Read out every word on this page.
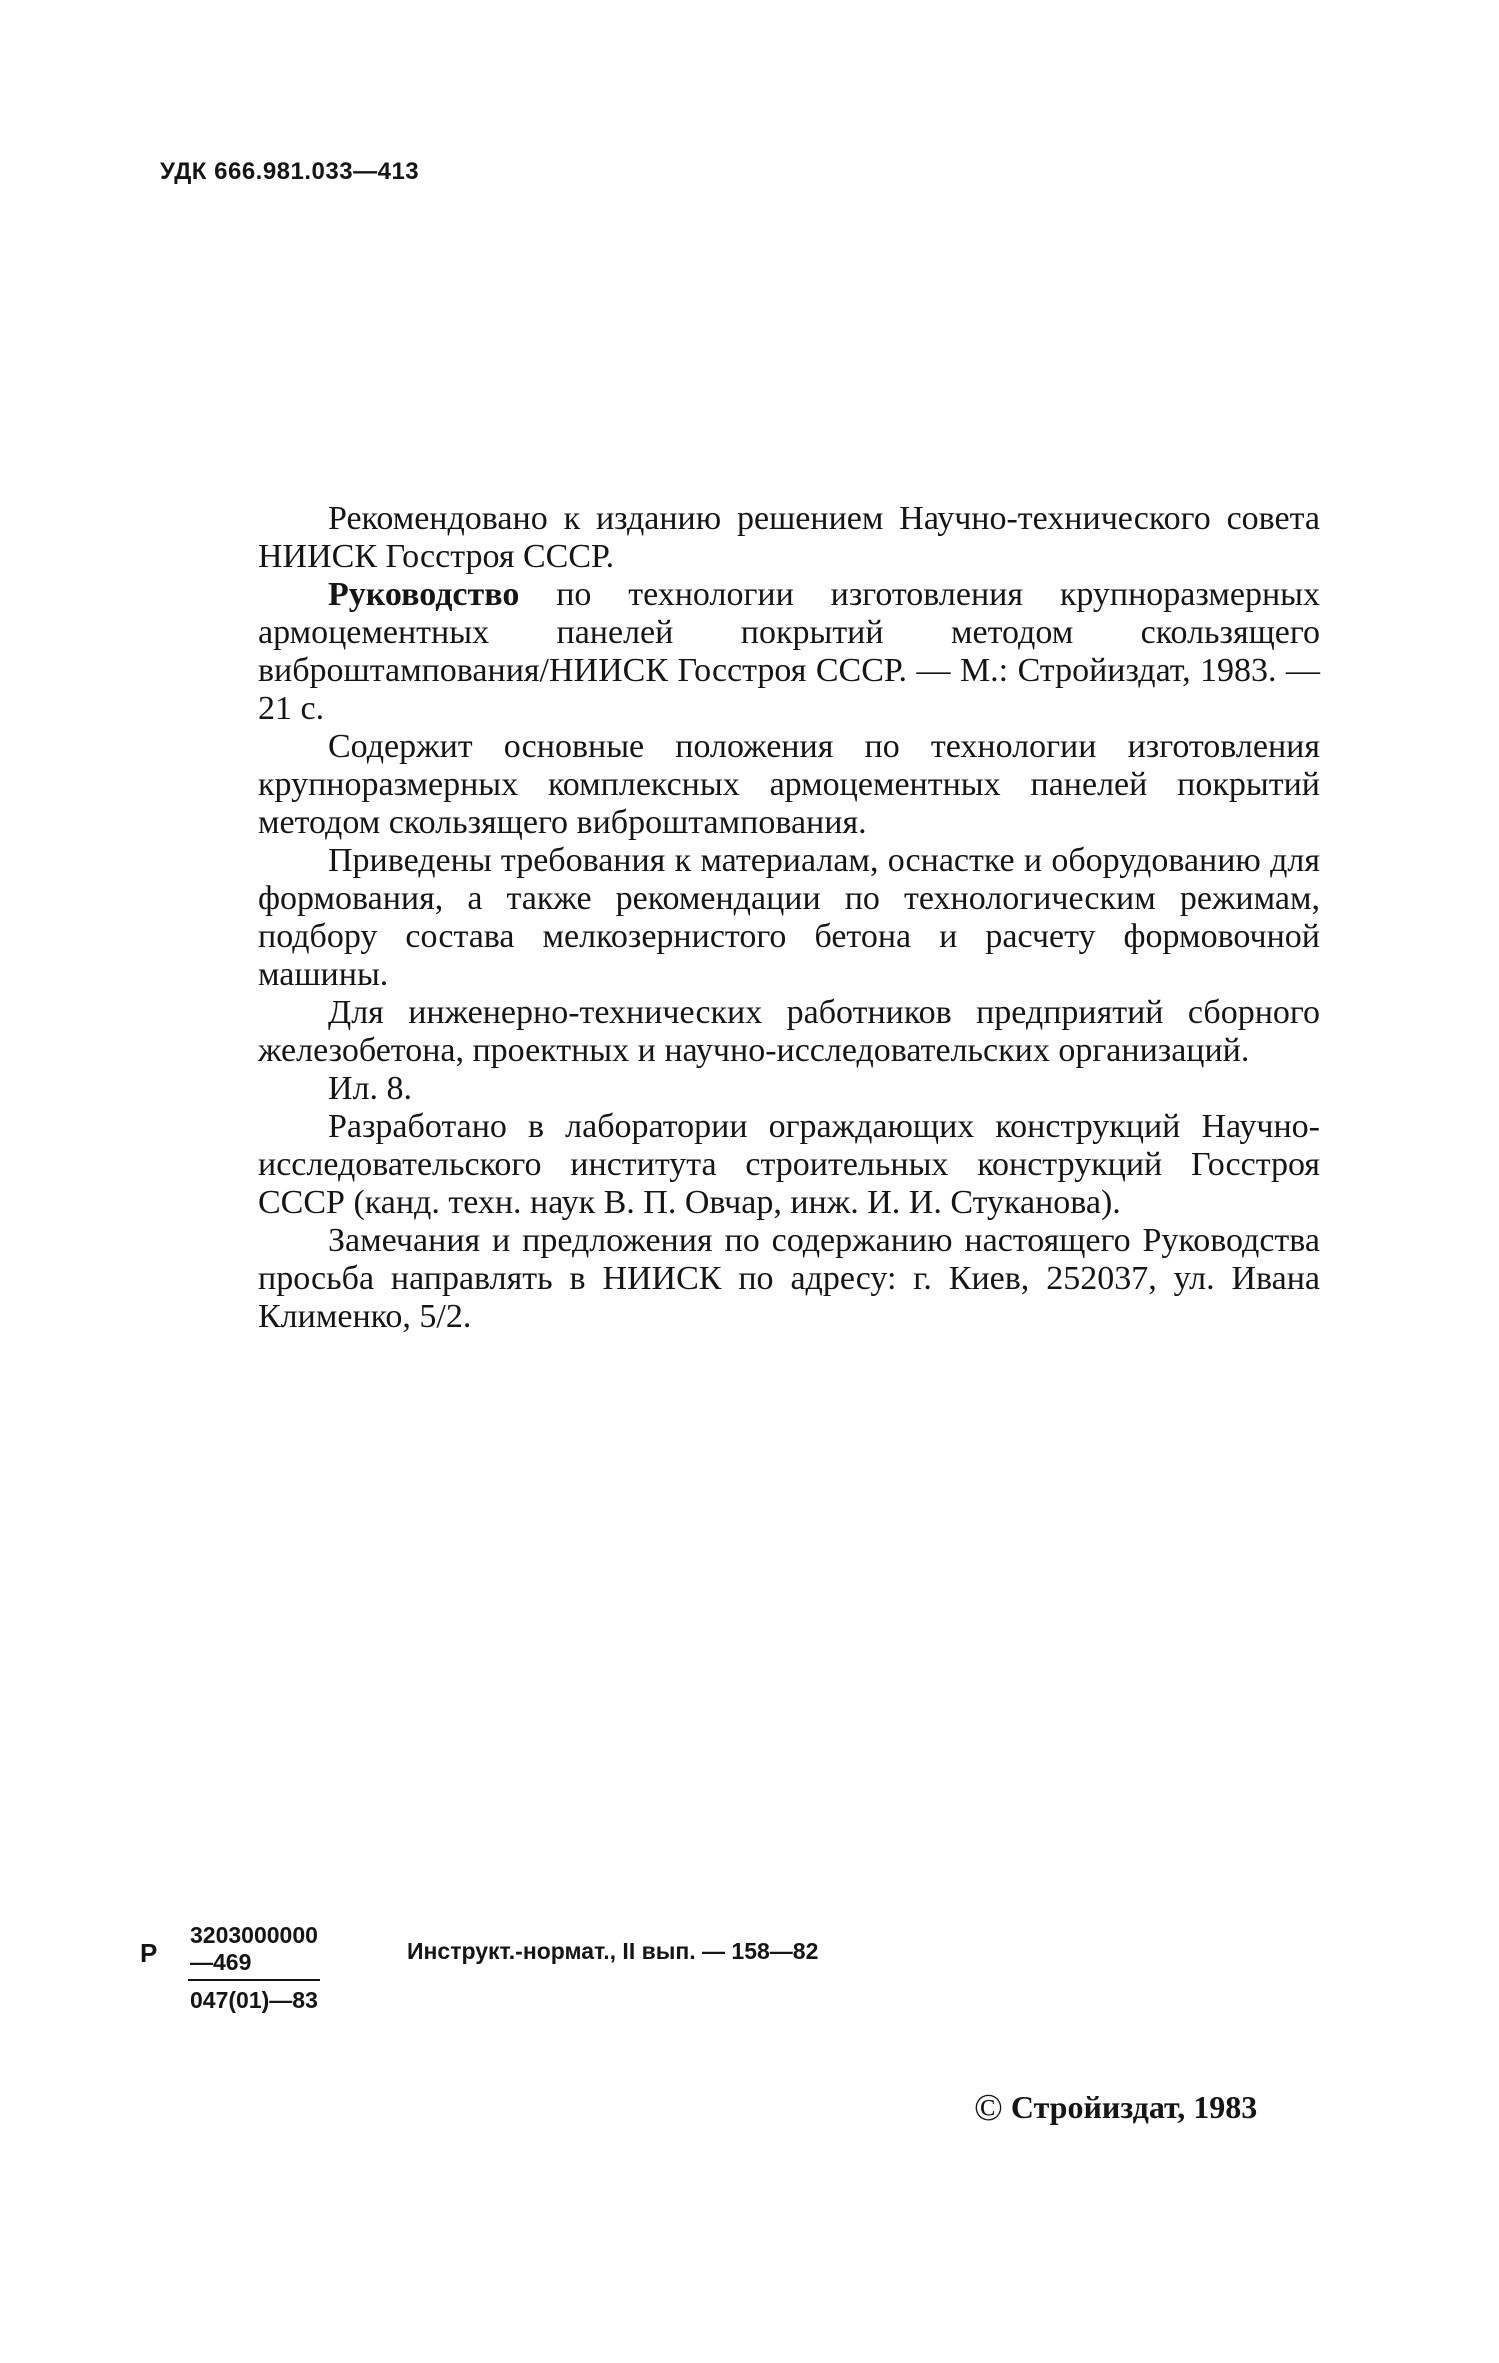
УДК 666.981.033—413

Рекомендовано к изданию решением Научно-технического совета НИИСК Госстроя СССР.

Руководство по технологии изготовления крупноразмерных армоцементных панелей покрытий методом скользящего виброштампования/НИИСК Госстроя СССР. — М.: Стройиздат, 1983. — 21 с.

Содержит основные положения по технологии изготовления крупноразмерных комплексных армоцементных панелей покрытий методом скользящего виброштампования.

Приведены требования к материалам, оснастке и оборудованию для формования, а также рекомендации по технологическим режимам, подбору состава мелкозернистого бетона и расчету формовочной машины.

Для инженерно-технических работников предприятий сборного железобетона, проектных и научно-исследовательских организаций.

Ил. 8.

Разработано в лаборатории ограждающих конструкций Научно-исследовательского института строительных конструкций Госстроя СССР (канд. техн. наук В. П. Овчар, инж. И. И. Стуканова).

Замечания и предложения по содержанию настоящего Руководства просьба направлять в НИИСК по адресу: г. Киев, 252037, ул. Ивана Клименко, 5/2.

Р $\frac{3203000000—469}{047(01)—83}$	Инструкт.-нормат., II вып. — 158—82
© Стройиздат, 1983
